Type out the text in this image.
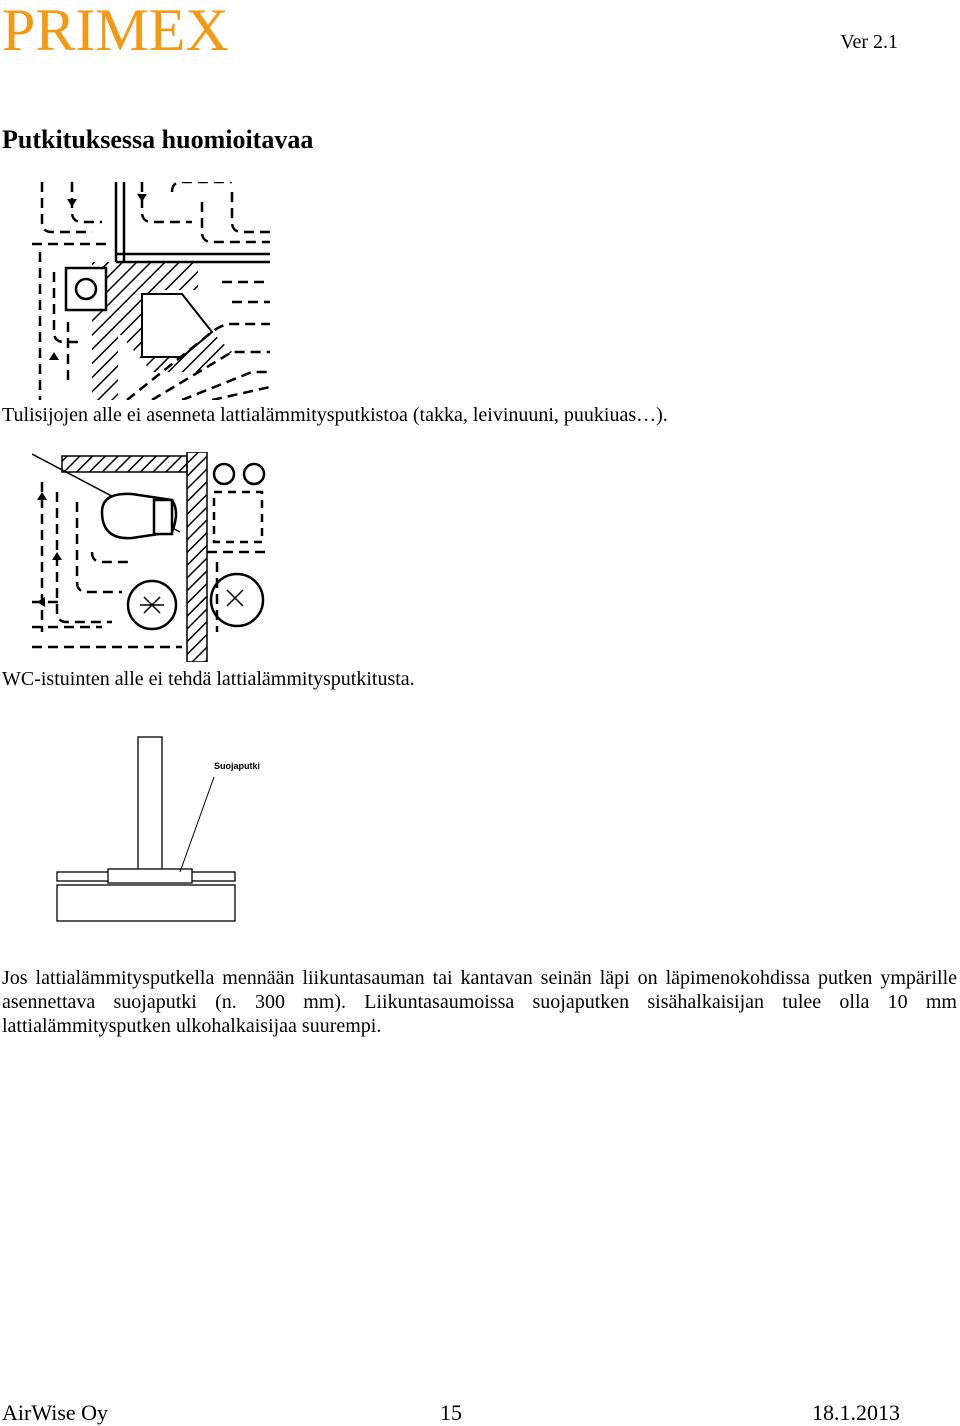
PRIMEX	Ver 2.1
Putkituksessa huomioitavaa
Tulisijojen alle ei asenneta lattialämmitysputkistoa (takka, leivinuuni, puukiuas…).
WC-istuinten alle ei tehdä lattialämmitysputkitusta.
Suojaputki
Jos lattialämmitysputkella mennään liikuntasauman tai kantavan seinän läpi on läpimenokohdissa putken ympärille asennettava suojaputki (n. 300 mm). Liikuntasaumoissa suojaputken sisähalkaisijan tulee olla 10 mm lattialämmitysputken ulkohalkaisijaa suurempi.
AirWise Oy	15	18.1.2013
